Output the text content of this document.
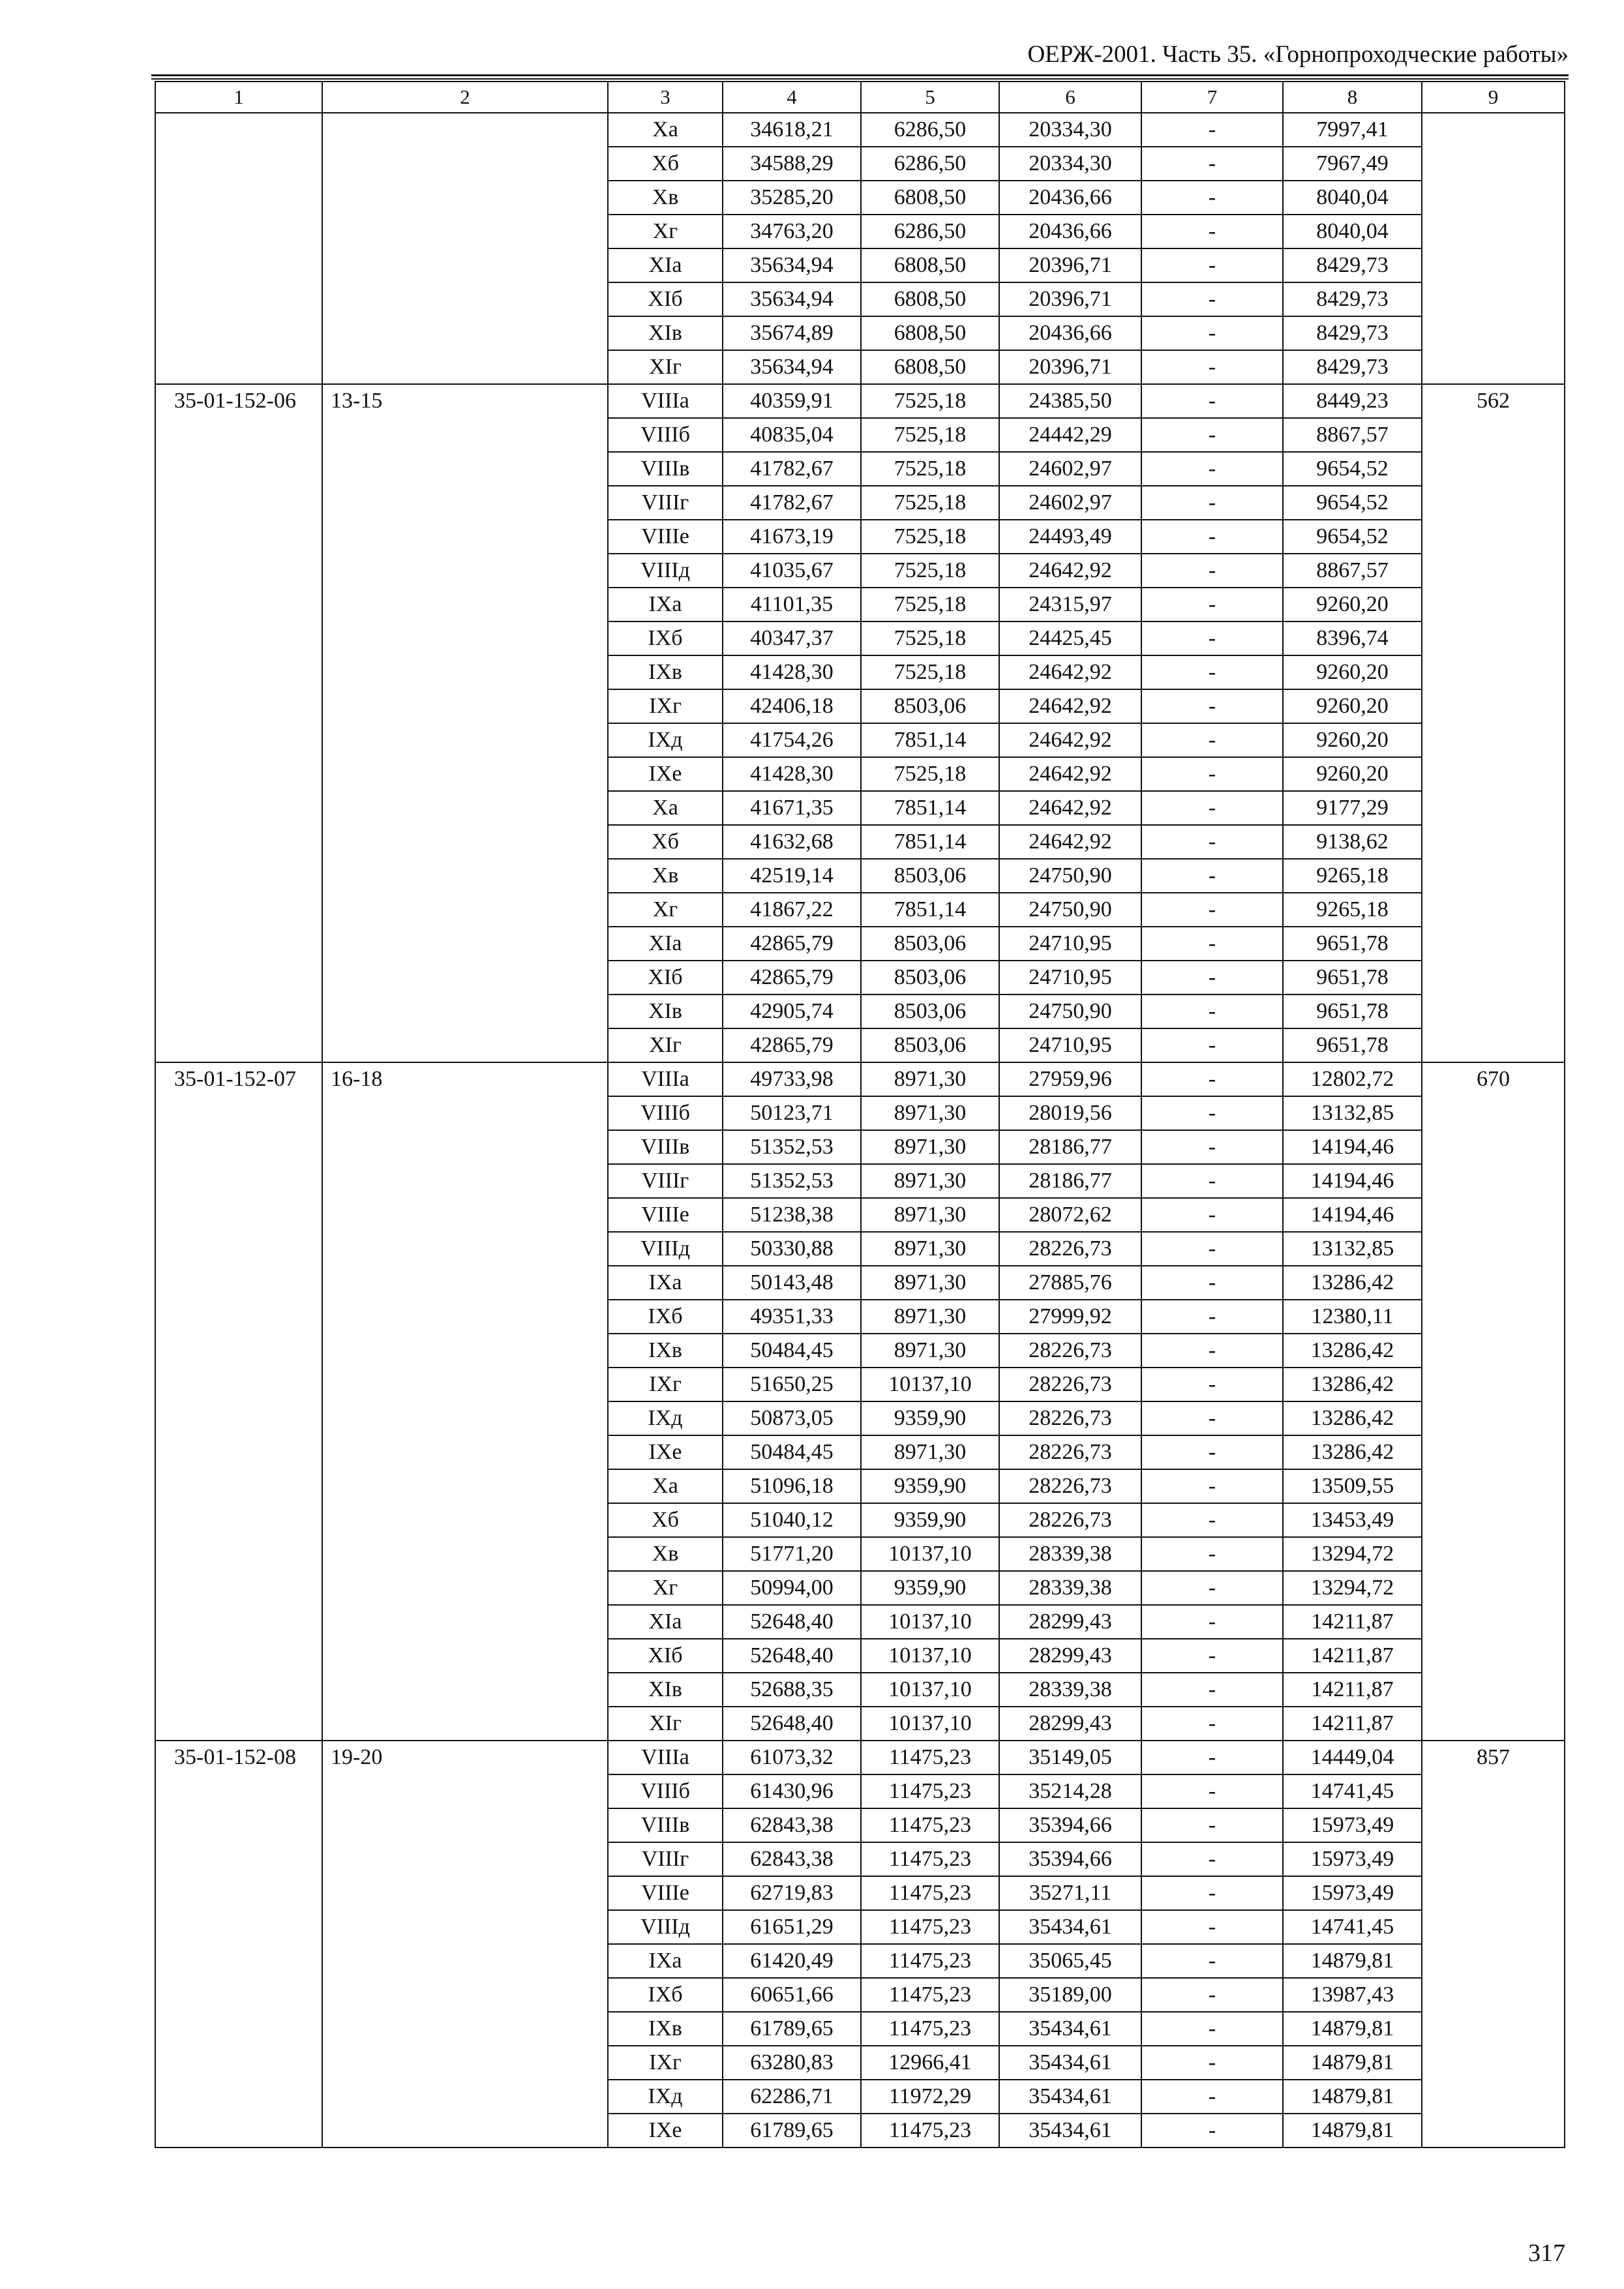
ОЕРЖ-2001. Часть 35. «Горнопроходческие работы»
1	2	3	4	5	6	7	8	9
		Ха	34618,21	6286,50	20334,30	-	7997,41	
		Хб	34588,29	6286,50	20334,30	-	7967,49	
		Хв	35285,20	6808,50	20436,66	-	8040,04	
		Хг	34763,20	6286,50	20436,66	-	8040,04	
		ХIа	35634,94	6808,50	20396,71	-	8429,73	
		ХIб	35634,94	6808,50	20396,71	-	8429,73	
		ХIв	35674,89	6808,50	20436,66	-	8429,73	
		ХIг	35634,94	6808,50	20396,71	-	8429,73	
35-01-152-06	13-15	VIIIа	40359,91	7525,18	24385,50	-	8449,23	562
		VIIIб	40835,04	7525,18	24442,29	-	8867,57	
		VIIIв	41782,67	7525,18	24602,97	-	9654,52	
		VIIIг	41782,67	7525,18	24602,97	-	9654,52	
		VIIIе	41673,19	7525,18	24493,49	-	9654,52	
		VIIIд	41035,67	7525,18	24642,92	-	8867,57	
		IХа	41101,35	7525,18	24315,97	-	9260,20	
		IХб	40347,37	7525,18	24425,45	-	8396,74	
		IХв	41428,30	7525,18	24642,92	-	9260,20	
		IХг	42406,18	8503,06	24642,92	-	9260,20	
		IХд	41754,26	7851,14	24642,92	-	9260,20	
		IХе	41428,30	7525,18	24642,92	-	9260,20	
		Ха	41671,35	7851,14	24642,92	-	9177,29	
		Хб	41632,68	7851,14	24642,92	-	9138,62	
		Хв	42519,14	8503,06	24750,90	-	9265,18	
		Хг	41867,22	7851,14	24750,90	-	9265,18	
		ХIа	42865,79	8503,06	24710,95	-	9651,78	
		ХIб	42865,79	8503,06	24710,95	-	9651,78	
		ХIв	42905,74	8503,06	24750,90	-	9651,78	
		ХIг	42865,79	8503,06	24710,95	-	9651,78	
35-01-152-07	16-18	VIIIа	49733,98	8971,30	27959,96	-	12802,72	670
		VIIIб	50123,71	8971,30	28019,56	-	13132,85	
		VIIIв	51352,53	8971,30	28186,77	-	14194,46	
		VIIIг	51352,53	8971,30	28186,77	-	14194,46	
		VIIIе	51238,38	8971,30	28072,62	-	14194,46	
		VIIIд	50330,88	8971,30	28226,73	-	13132,85	
		IХа	50143,48	8971,30	27885,76	-	13286,42	
		IХб	49351,33	8971,30	27999,92	-	12380,11	
		IХв	50484,45	8971,30	28226,73	-	13286,42	
		IХг	51650,25	10137,10	28226,73	-	13286,42	
		IХд	50873,05	9359,90	28226,73	-	13286,42	
		IХе	50484,45	8971,30	28226,73	-	13286,42	
		Ха	51096,18	9359,90	28226,73	-	13509,55	
		Хб	51040,12	9359,90	28226,73	-	13453,49	
		Хв	51771,20	10137,10	28339,38	-	13294,72	
		Хг	50994,00	9359,90	28339,38	-	13294,72	
		ХIа	52648,40	10137,10	28299,43	-	14211,87	
		ХIб	52648,40	10137,10	28299,43	-	14211,87	
		ХIв	52688,35	10137,10	28339,38	-	14211,87	
		ХIг	52648,40	10137,10	28299,43	-	14211,87	
35-01-152-08	19-20	VIIIа	61073,32	11475,23	35149,05	-	14449,04	857
		VIIIб	61430,96	11475,23	35214,28	-	14741,45	
		VIIIв	62843,38	11475,23	35394,66	-	15973,49	
		VIIIг	62843,38	11475,23	35394,66	-	15973,49	
		VIIIе	62719,83	11475,23	35271,11	-	15973,49	
		VIIIд	61651,29	11475,23	35434,61	-	14741,45	
		IХа	61420,49	11475,23	35065,45	-	14879,81	
		IХб	60651,66	11475,23	35189,00	-	13987,43	
		IХв	61789,65	11475,23	35434,61	-	14879,81	
		IХг	63280,83	12966,41	35434,61	-	14879,81	
		IХд	62286,71	11972,29	35434,61	-	14879,81	
		IХе	61789,65	11475,23	35434,61	-	14879,81	
317
